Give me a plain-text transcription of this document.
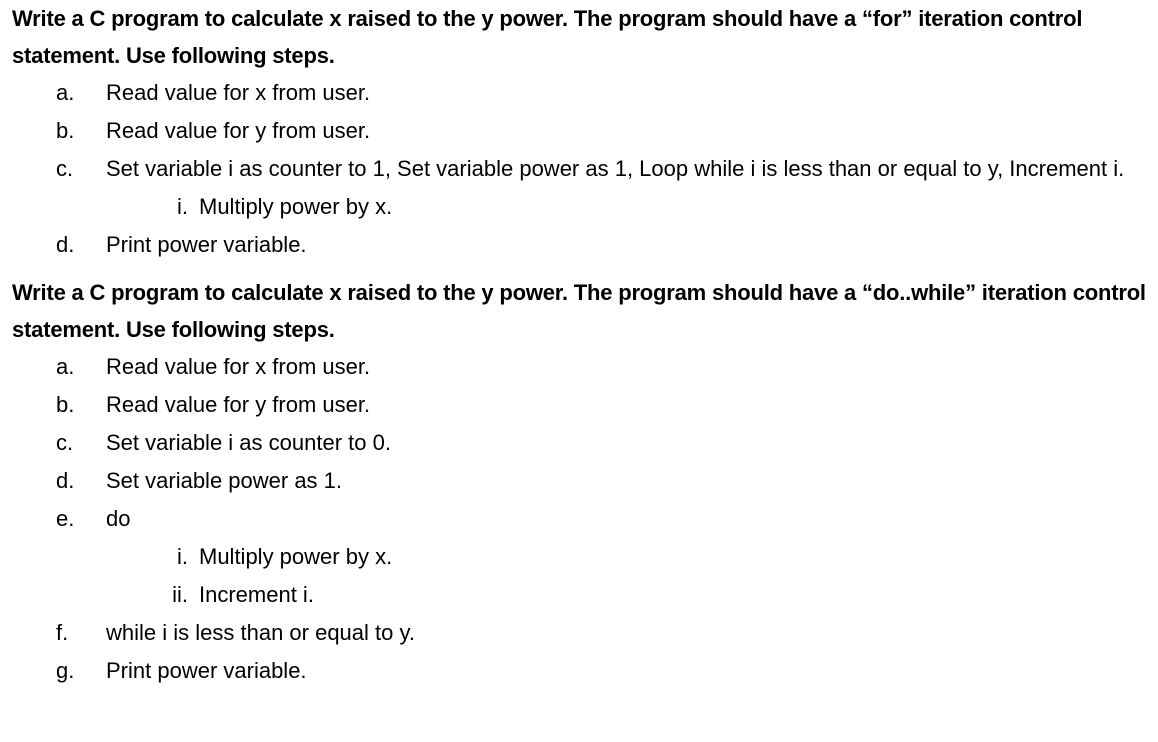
Write a C program to calculate x raised to the y power. The program should have a “for” iteration control statement. Use following steps.

a.	Read value for x from user.
b.	Read value for y from user.
c.	Set variable i as counter to 1, Set variable power as 1, Loop while i is less than or equal to y, Increment i.
i. Multiply power by x.
d.	Print power variable.

Write a C program to calculate x raised to the y power. The program should have a “do..while” iteration control statement. Use following steps.

a.	Read value for x from user.
b.	Read value for y from user.
c.	Set variable i as counter to 0.
d.	Set variable power as 1.
e.	do
i. Multiply power by x.
ii. Increment i.
f.	while i is less than or equal to y.
g.	Print power variable.
